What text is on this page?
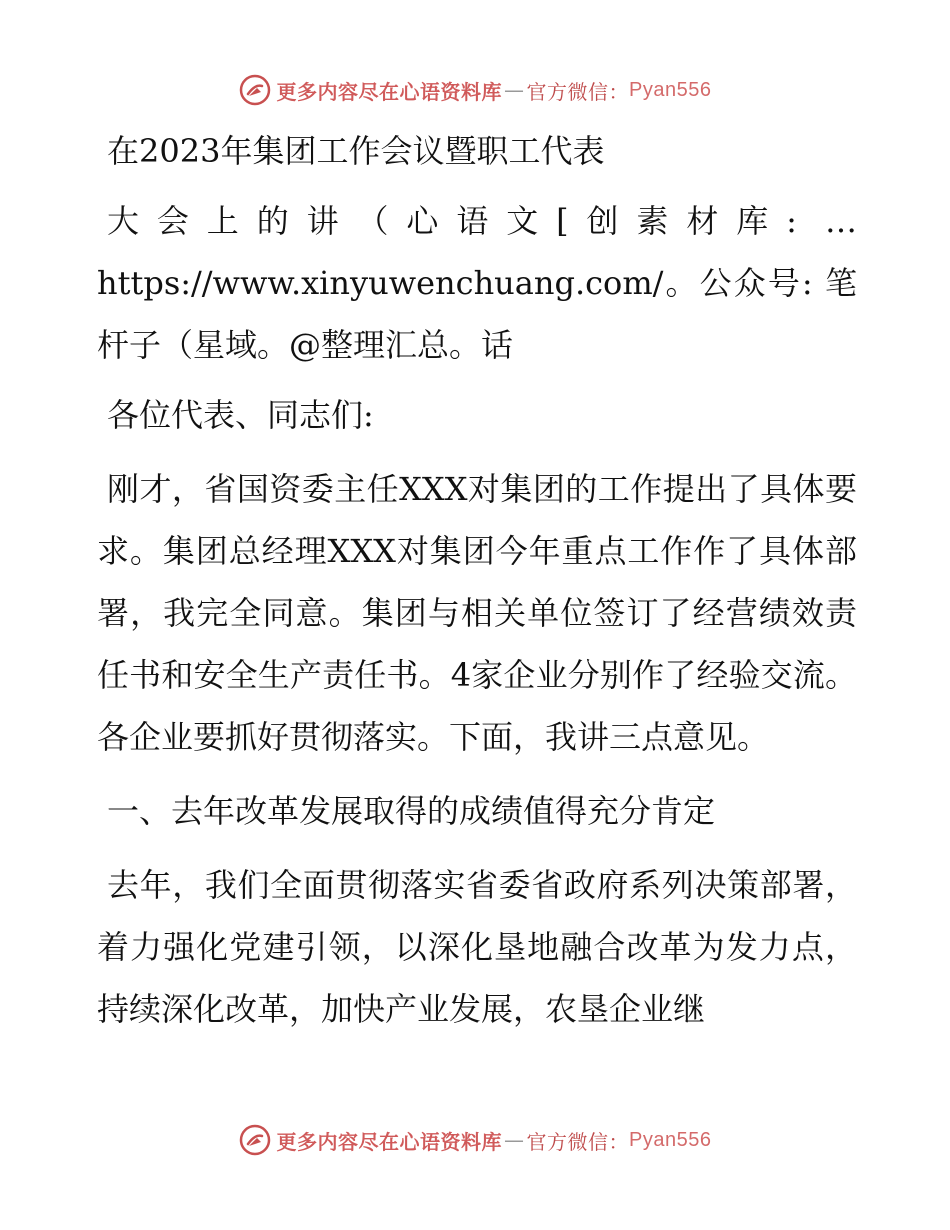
更多内容尽在心语资料库 — 官方微信： Pyan556

在2023年集团工作会议暨职工代表

大会上的讲（心语文[创素材库: …https://www.xinyuwenchuang.com/。公众号: 笔杆子（星域。@整理汇总。话

各位代表、同志们:

刚才，省国资委主任XXX对集团的工作提出了具体要求。集团总经理XXX对集团今年重点工作作了具体部署，我完全同意。集团与相关单位签订了经营绩效责任书和安全生产责任书。4家企业分别作了经验交流。各企业要抓好贯彻落实。下面，我讲三点意见。

一、去年改革发展取得的成绩值得充分肯定

去年，我们全面贯彻落实省委省政府系列决策部署，着力强化党建引领，以深化垦地融合改革为发力点，持续深化改革，加快产业发展，农垦企业继

更多内容尽在心语资料库 — 官方微信： Pyan556
